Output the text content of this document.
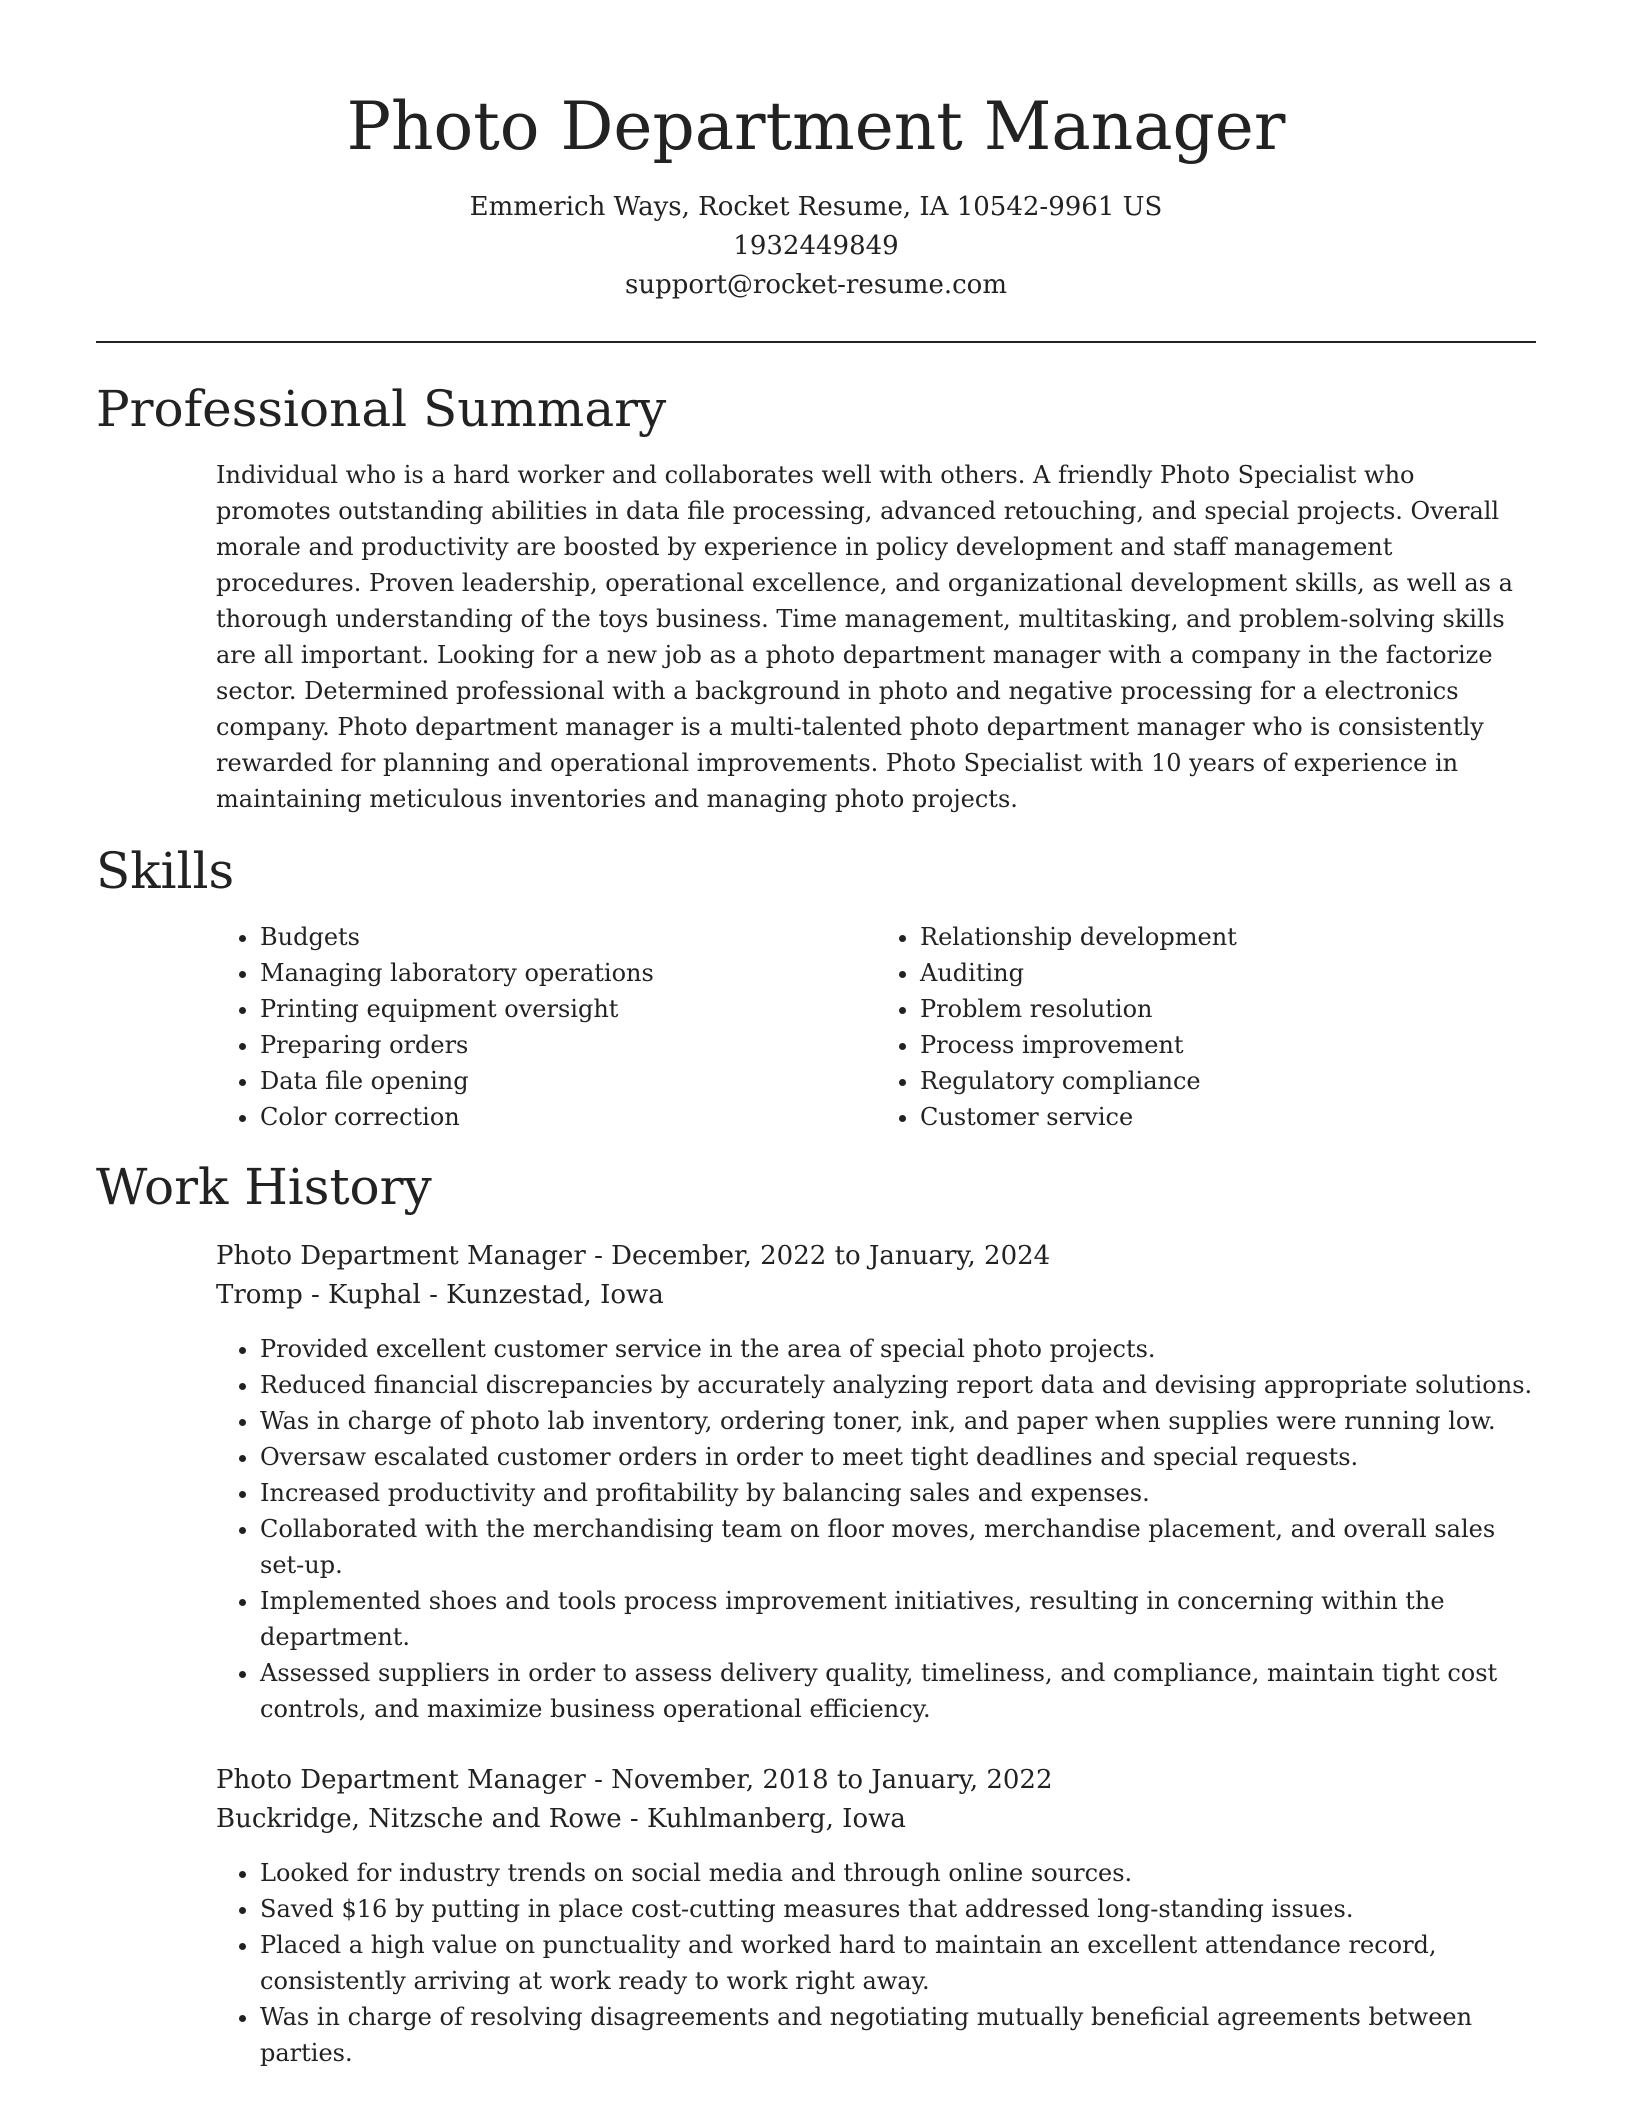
Photo Department Manager
Emmerich Ways, Rocket Resume, IA 10542-9961 US
1932449849
support@rocket-resume.com
Professional Summary

Individual who is a hard worker and collaborates well with others. A friendly Photo Specialist who promotes outstanding abilities in data file processing, advanced retouching, and special projects. Overall morale and productivity are boosted by experience in policy development and staff management procedures. Proven leadership, operational excellence, and organizational development skills, as well as a thorough understanding of the toys business. Time management, multitasking, and problem-solving skills are all important. Looking for a new job as a photo department manager with a company in the factorize sector. Determined professional with a background in photo and negative processing for a electronics company. Photo department manager is a multi-talented photo department manager who is consistently rewarded for planning and operational improvements. Photo Specialist with 10 years of experience in maintaining meticulous inventories and managing photo projects.

Skills
• Budgets
• Managing laboratory operations
• Printing equipment oversight
• Preparing orders
• Data file opening
• Color correction
• Relationship development
• Auditing
• Problem resolution
• Process improvement
• Regulatory compliance
• Customer service
Work History
Photo Department Manager - December, 2022 to January, 2024
Tromp - Kuphal - Kunzestad, Iowa
• Provided excellent customer service in the area of special photo projects.
• Reduced financial discrepancies by accurately analyzing report data and devising appropriate solutions.
• Was in charge of photo lab inventory, ordering toner, ink, and paper when supplies were running low.
• Oversaw escalated customer orders in order to meet tight deadlines and special requests.
• Increased productivity and profitability by balancing sales and expenses.
• Collaborated with the merchandising team on floor moves, merchandise placement, and overall sales set-up.
• Implemented shoes and tools process improvement initiatives, resulting in concerning within the department.
• Assessed suppliers in order to assess delivery quality, timeliness, and compliance, maintain tight cost controls, and maximize business operational efficiency.
Photo Department Manager - November, 2018 to January, 2022
Buckridge, Nitzsche and Rowe - Kuhlmanberg, Iowa
• Looked for industry trends on social media and through online sources.
• Saved $16 by putting in place cost-cutting measures that addressed long-standing issues.
• Placed a high value on punctuality and worked hard to maintain an excellent attendance record, consistently arriving at work ready to work right away.
• Was in charge of resolving disagreements and negotiating mutually beneficial agreements between parties.
